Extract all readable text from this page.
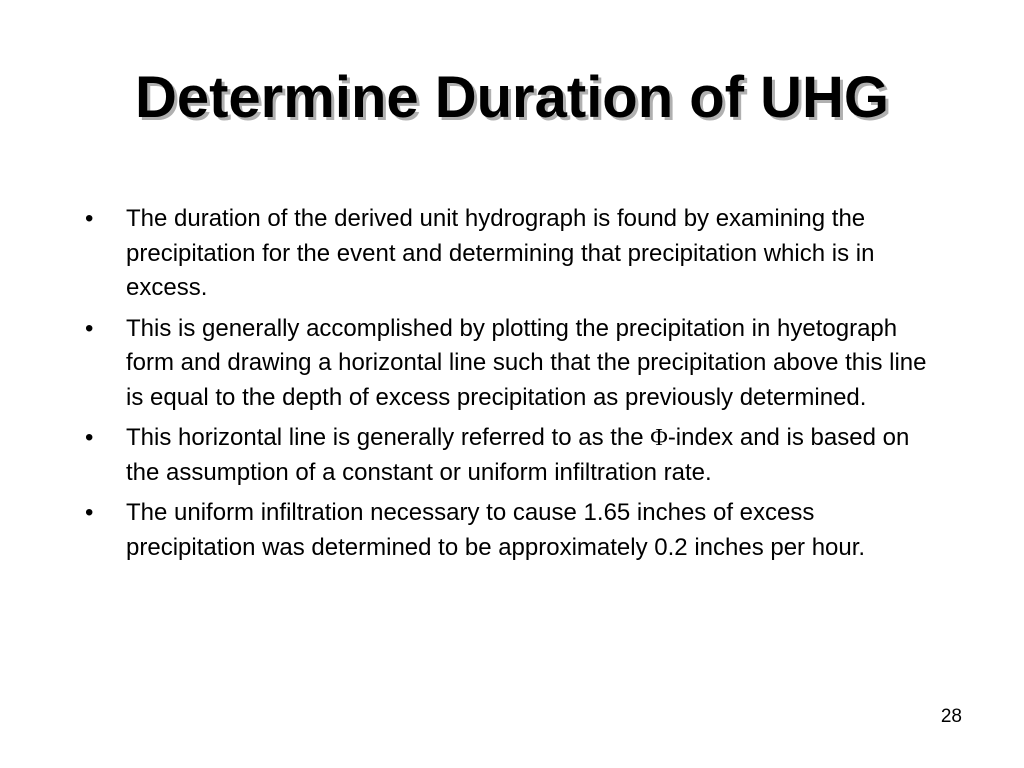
Determine Duration of UHG
•	The duration of the derived unit hydrograph is found by examining the precipitation for the event and determining that precipitation which is in excess.
•	This is generally accomplished by plotting the precipitation in hyetograph form and drawing a horizontal line such that the precipitation above this line is equal to the depth of excess precipitation as previously determined.
•	This horizontal line is generally referred to as the Φ-index and is based on the assumption of a constant or uniform infiltration rate.
•	The uniform infiltration necessary to cause 1.65 inches of excess precipitation was determined to be approximately 0.2 inches per hour.
28
